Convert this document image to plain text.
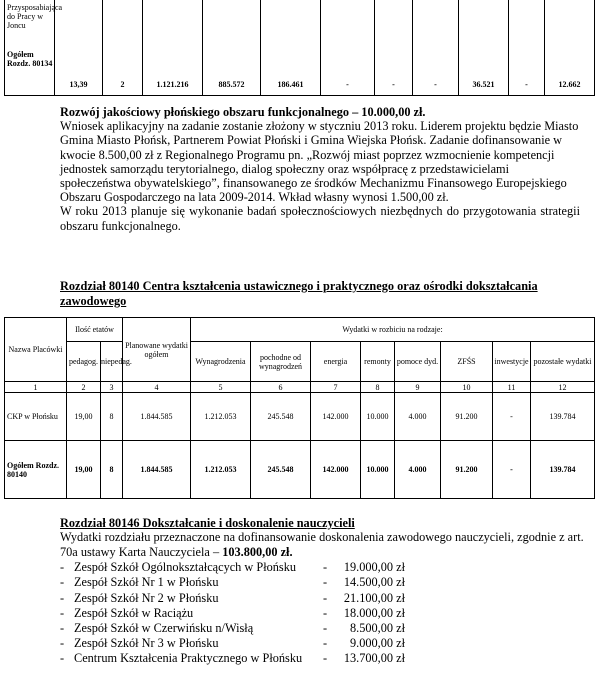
Przysposabiająca do Pracy w Joncu											

Ogółem Rozdz. 80134	13,39	2	1.121.216	885.572	186.461	-	-	-	36.521	-	12.662

Rozwój jakościowy płońskiego obszaru funkcjonalnego – 10.000,00 zł.

Wniosek aplikacyjny na zadanie zostanie złożony w styczniu 2013 roku. Liderem projektu będzie Miasto Gmina Miasto Płońsk, Partnerem Powiat Płoński i Gmina Wiejska Płońsk. Zadanie dofinansowanie w kwocie 8.500,00 zł z Regionalnego Programu pn. „Rozwój miast poprzez wzmocnienie kompetencji jednostek samorządu terytorialnego, dialog społeczny oraz współpracę z przedstawicielami społeczeństwa obywatelskiego”, finansowanego ze środków Mechanizmu Finansowego Europejskiego Obszaru Gospodarczego na lata 2009-2014. Wkład własny wynosi 1.500,00 zł.

W roku 2013 planuje się wykonanie badań społecznościowych niezbędnych do przygotowania strategii obszaru funkcjonalnego.

Rozdział 80140 Centra kształcenia ustawicznego i praktycznego oraz ośrodki dokształcania zawodowego
Nazwa Placówki	Ilość etatów		Planowane wydatki ogółem	Wydatki w rozbiciu na rodzaje:							
	pedagog.	niepedag.		Wynagrodzenia	pochodne od wynagrodzeń	energia	remonty	pomoce dyd.	ZFŚS	inwestycje	pozostałe wydatki
1	2	3	4	5	6	7	8	9	10	11	12
CKP w Płońsku	19,00	8	1.844.585	1.212.053	245.548	142.000	10.000	4.000	91.200	-	139.784
Ogółem Rozdz. 80140	19,00	8	1.844.585	1.212.053	245.548	142.000	10.000	4.000	91.200	-	139.784

Rozdział 80146 Dokształcanie i doskonalenie nauczycieli

Wydatki rozdziału przeznaczone na dofinansowanie doskonalenia zawodowego nauczycieli, zgodnie z art. 70a ustawy Karta Nauczyciela – 103.800,00 zł.

- Zespół Szkół Ogólnokształcących w Płońsku -	19.000,00 zł
- Zespół Szkół Nr 1 w Płońsku	-	14.500,00 zł
- Zespół Szkół Nr 2 w Płońsku	-	21.100,00 zł
- Zespół Szkół w Raciążu	-	18.000,00 zł
- Zespół Szkół w Czerwińsku n/Wisłą	-	8.500,00 zł
- Zespół Szkół Nr 3 w Płońsku	-	9.000,00 zł
- Centrum Kształcenia Praktycznego w Płońsku -	13.700,00 zł
